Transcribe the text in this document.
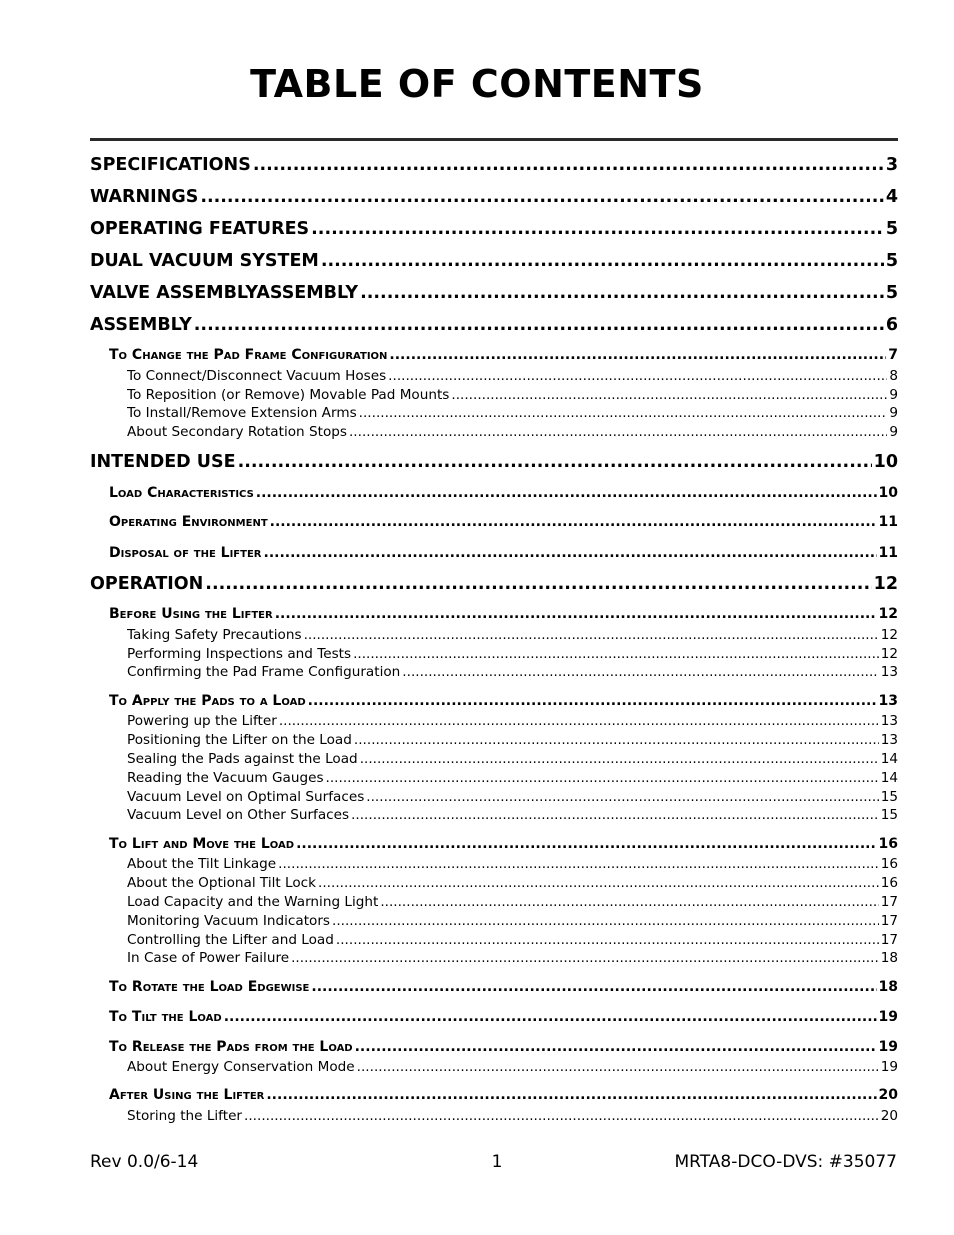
TABLE OF CONTENTS
SPECIFICATIONS .....	3
WARNINGS .....	4
OPERATING FEATURES .....	5
DUAL VACUUM SYSTEM .....	5
VALVE ASSEMBLYASSEMBLY .....	5
ASSEMBLY .....	6
To Change the Pad Frame Configuration .....	7
To Connect/Disconnect Vacuum Hoses .....	8
To Reposition (or Remove) Movable Pad Mounts .....	9
To Install/Remove Extension Arms .....	9
About Secondary Rotation Stops .....	9
INTENDED USE .....	10
Load Characteristics .....	10
Operating Environment .....	11
Disposal of the Lifter .....	11
OPERATION .....	12
Before Using the Lifter .....	12
Taking Safety Precautions .....	12
Performing Inspections and Tests .....	12
Confirming the Pad Frame Configuration .....	13
To Apply the Pads to a Load .....	13
Powering up the Lifter .....	13
Positioning the Lifter on the Load .....	13
Sealing the Pads against the Load .....	14
Reading the Vacuum Gauges .....	14
Vacuum Level on Optimal Surfaces .....	15
Vacuum Level on Other Surfaces .....	15
To Lift and Move the Load .....	16
About the Tilt Linkage .....	16
About the Optional Tilt Lock .....	16
Load Capacity and the Warning Light .....	17
Monitoring Vacuum Indicators .....	17
Controlling the Lifter and Load .....	17
In Case of Power Failure .....	18
To Rotate the Load Edgewise .....	18
To Tilt the Load .....	19
To Release the Pads from the Load .....	19
About Energy Conservation Mode .....	19
After Using the Lifter .....	20
Storing the Lifter .....	20
Rev 0.0/6-14	1	MRTA8-DCO-DVS: #35077
